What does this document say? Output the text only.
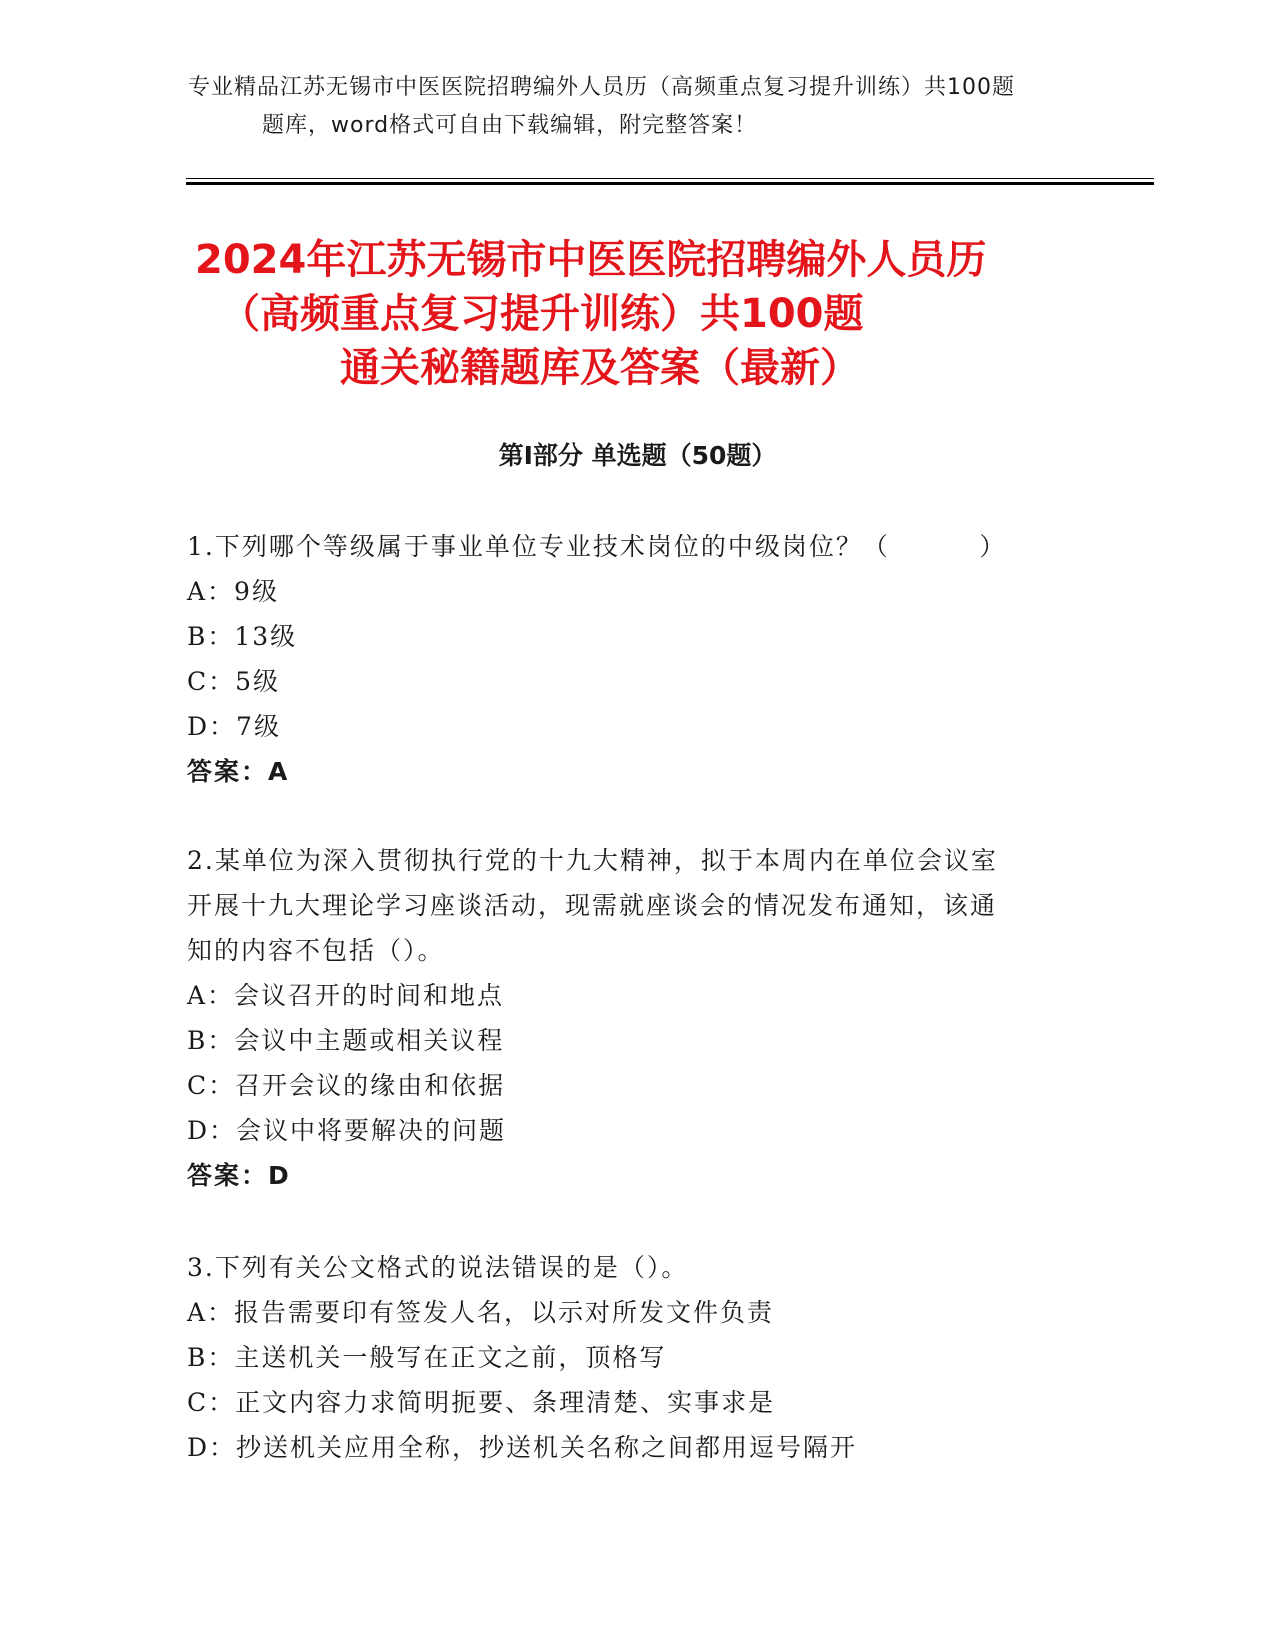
专业精品江苏无锡市中医医院招聘编外人员历（高频重点复习提升训练）共100题
题库，word格式可自由下载编辑，附完整答案！
2024年江苏无锡市中医医院招聘编外人员历
（高频重点复习提升训练）共100题
通关秘籍题库及答案（最新）
第Ⅰ部分 单选题（50题）
1.下列哪个等级属于事业单位专业技术岗位的中级岗位？（         ）
A：9级
B：13级
C：5级
D：7级
答案：A
2.某单位为深入贯彻执行党的十九大精神，拟于本周内在单位会议室
开展十九大理论学习座谈活动，现需就座谈会的情况发布通知，该通
知的内容不包括（）。
A：会议召开的时间和地点
B：会议中主题或相关议程
C：召开会议的缘由和依据
D：会议中将要解决的问题
答案：D
3.下列有关公文格式的说法错误的是（）。
A：报告需要印有签发人名，以示对所发文件负责
B：主送机关一般写在正文之前，顶格写
C：正文内容力求简明扼要、条理清楚、实事求是
D：抄送机关应用全称，抄送机关名称之间都用逗号隔开
